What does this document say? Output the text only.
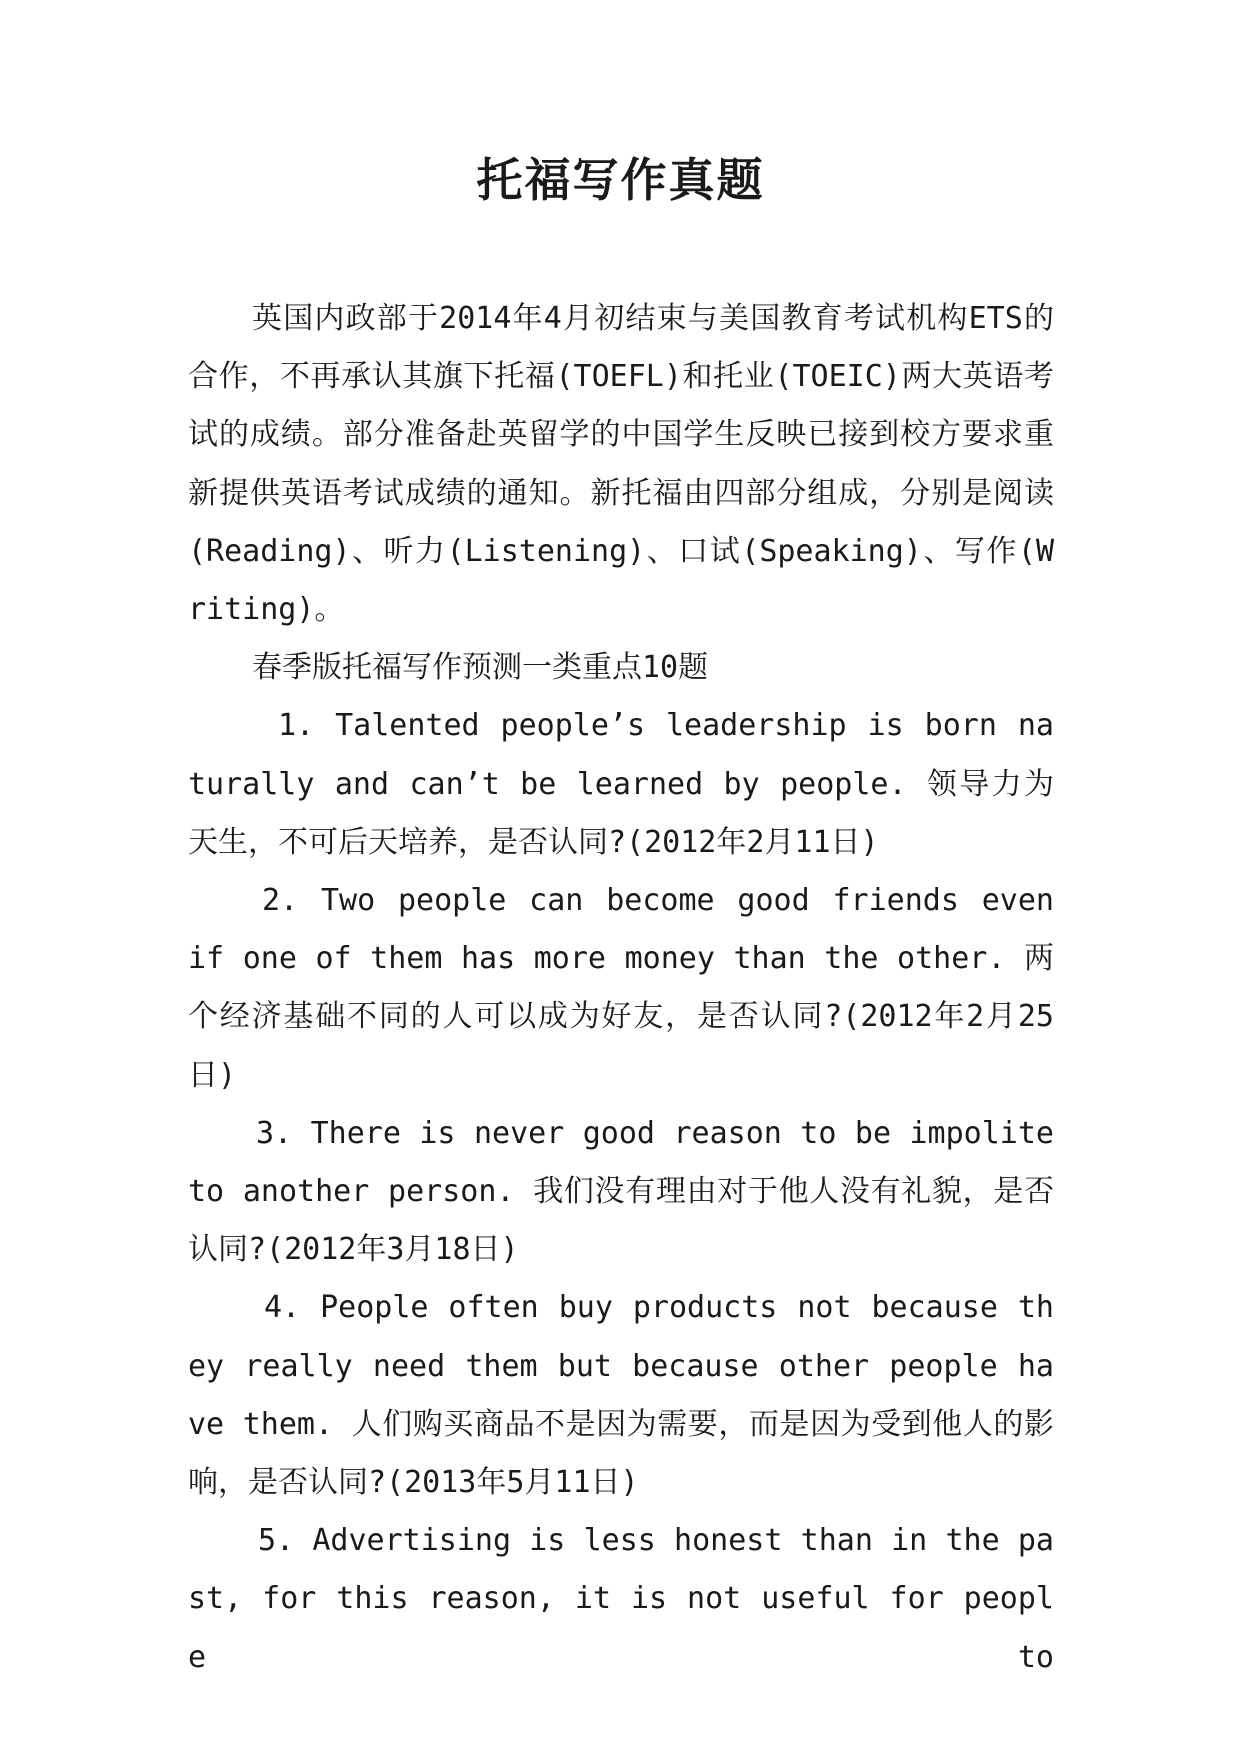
托福写作真题

英国内政部于2014年4月初结束与美国教育考试机构ETS的合作，不再承认其旗下托福(TOEFL)和托业(TOEIC)两大英语考试的成绩。部分准备赴英留学的中国学生反映已接到校方要求重新提供英语考试成绩的通知。新托福由四部分组成，分别是阅读(Reading)、听力(Listening)、口试(Speaking)、写作(Writing)。

春季版托福写作预测一类重点10题

1. Talented people’s leadership is born naturally and can’t be learned by people. 领导力为天生，不可后天培养，是否认同?(2012年2月11日)

2. Two people can become good friends even if one of them has more money than the other. 两个经济基础不同的人可以成为好友，是否认同?(2012年2月25日)

3. There is never good reason to be impolite to another person. 我们没有理由对于他人没有礼貌，是否认同?(2012年3月18日)

4. People often buy products not because they really need them but because other people have them. 人们购买商品不是因为需要，而是因为受到他人的影响，是否认同?(2013年5月11日)

5. Advertising is less honest than in the past, for this reason, it is not useful for people to
